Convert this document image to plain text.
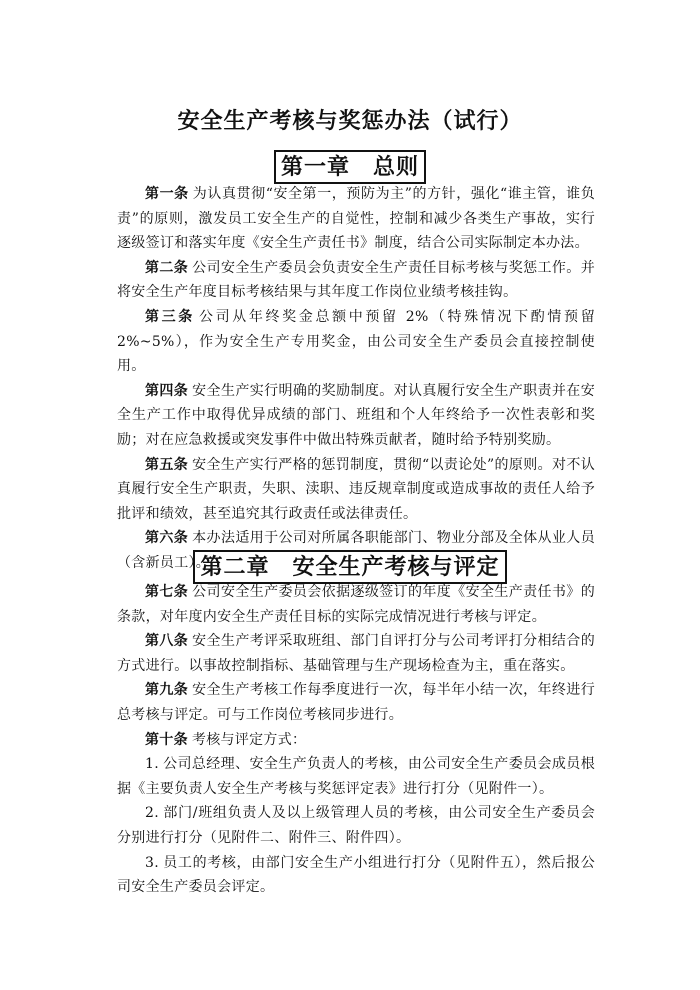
安全生产考核与奖惩办法（试行）
第一章　总则

第一条 为认真贯彻“安全第一，预防为主”的方针，强化“谁主管，谁负责”的原则，激发员工安全生产的自觉性，控制和减少各类生产事故，实行逐级签订和落实年度《安全生产责任书》制度，结合公司实际制定本办法。

第二条 公司安全生产委员会负责安全生产责任目标考核与奖惩工作。并将安全生产年度目标考核结果与其年度工作岗位业绩考核挂钩。

第三条 公司从年终奖金总额中预留 2%（特殊情况下酌情预留 2%~5%），作为安全生产专用奖金，由公司安全生产委员会直接控制使用。

第四条 安全生产实行明确的奖励制度。对认真履行安全生产职责并在安全生产工作中取得优异成绩的部门、班组和个人年终给予一次性表彰和奖励；对在应急救援或突发事件中做出特殊贡献者，随时给予特别奖励。

第五条 安全生产实行严格的惩罚制度，贯彻“以责论处”的原则。对不认真履行安全生产职责，失职、渎职、违反规章制度或造成事故的责任人给予批评和绩效，甚至追究其行政责任或法律责任。

第六条 本办法适用于公司对所属各职能部门、物业分部及全体从业人员（含新员工）。

第二章　安全生产考核与评定

第七条 公司安全生产委员会依据逐级签订的年度《安全生产责任书》的条款，对年度内安全生产责任目标的实际完成情况进行考核与评定。

第八条 安全生产考评采取班组、部门自评打分与公司考评打分相结合的方式进行。以事故控制指标、基础管理与生产现场检查为主，重在落实。

第九条 安全生产考核工作每季度进行一次，每半年小结一次，年终进行总考核与评定。可与工作岗位考核同步进行。

第十条 考核与评定方式：

1. 公司总经理、安全生产负责人的考核，由公司安全生产委员会成员根据《主要负责人安全生产考核与奖惩评定表》进行打分（见附件一）。

2. 部门/班组负责人及以上级管理人员的考核，由公司安全生产委员会分别进行打分（见附件二、附件三、附件四）。

3. 员工的考核，由部门安全生产小组进行打分（见附件五），然后报公司安全生产委员会评定。
